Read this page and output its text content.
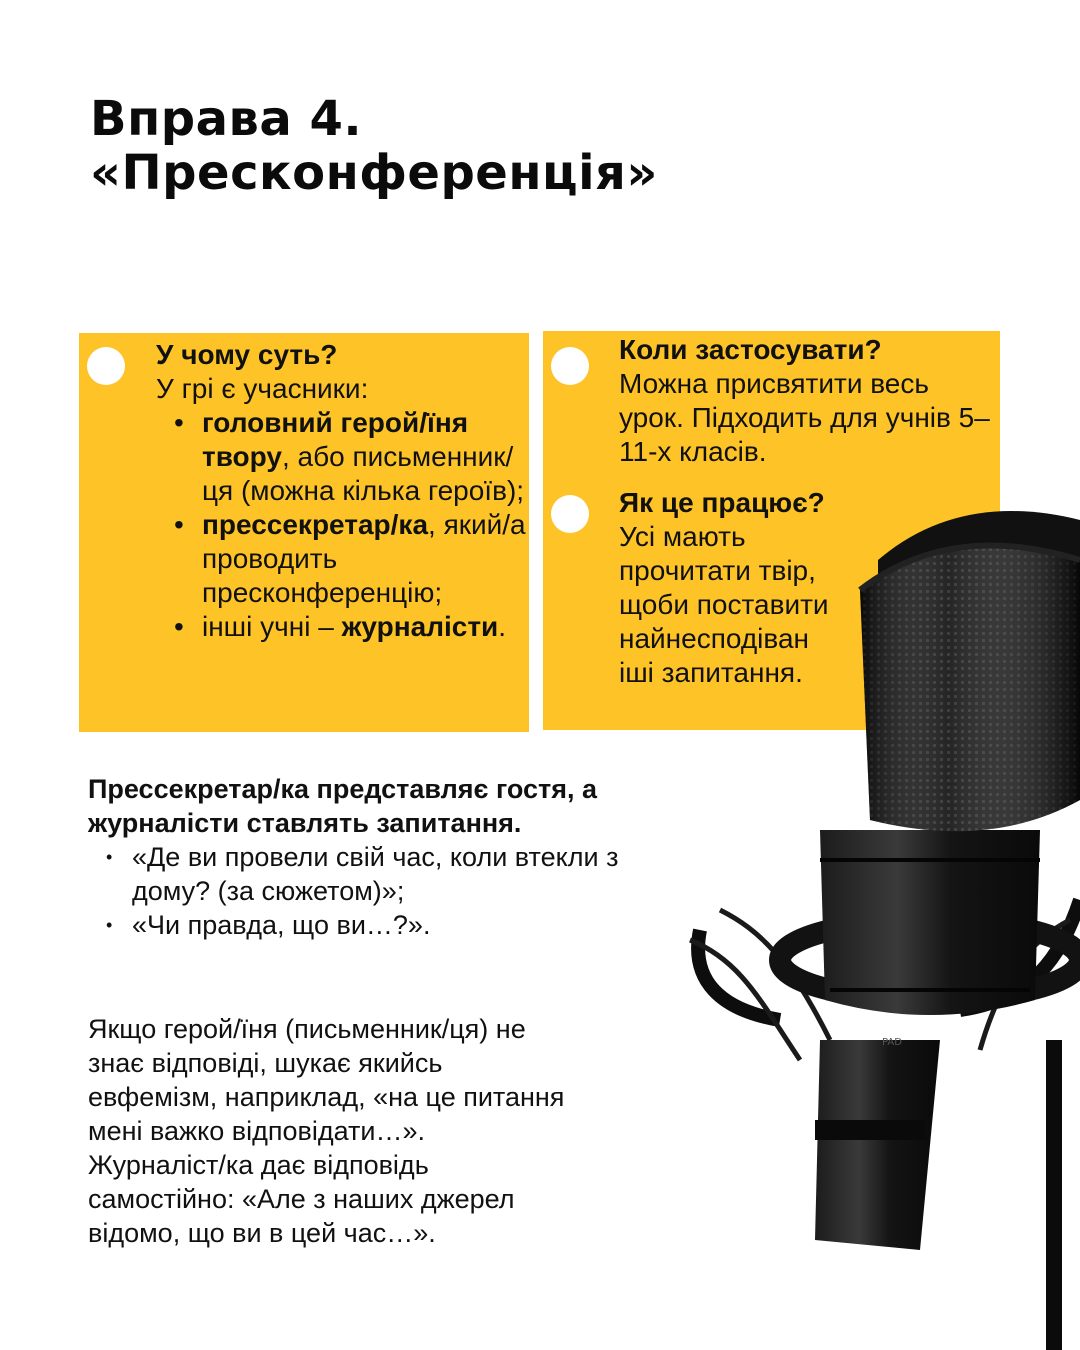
Вправа 4.
«Пресконференція»
PAD
У чому суть?

У грі є учасники:

• головний герой/їня твору, або письменник/ця (можна кілька героїв);
• прессекретар/ка, який/а проводить пресконференцію;
• інші учні – журналісти.
Коли застосувати?

Можна присвятити весь урок. Підходить для учнів 5–11-х класів.

Як це працює?

Усі мають

прочитати твір,

щоби поставити

найнесподіван

іші запитання.

Прессекретар/ка представляє гостя, а журналісти ставлять запитання.
• «Де ви провели свій час, коли втекли з дому? (за сюжетом)»;
• «Чи правда, що ви…?».
Якщо герой/їня (письменник/ця) не
знає відповіді, шукає якийсь
евфемізм, наприклад, «на це питання
мені важко відповідати…».
Журналіст/ка дає відповідь
самостійно: «Але з наших джерел
відомо, що ви в цей час…».
